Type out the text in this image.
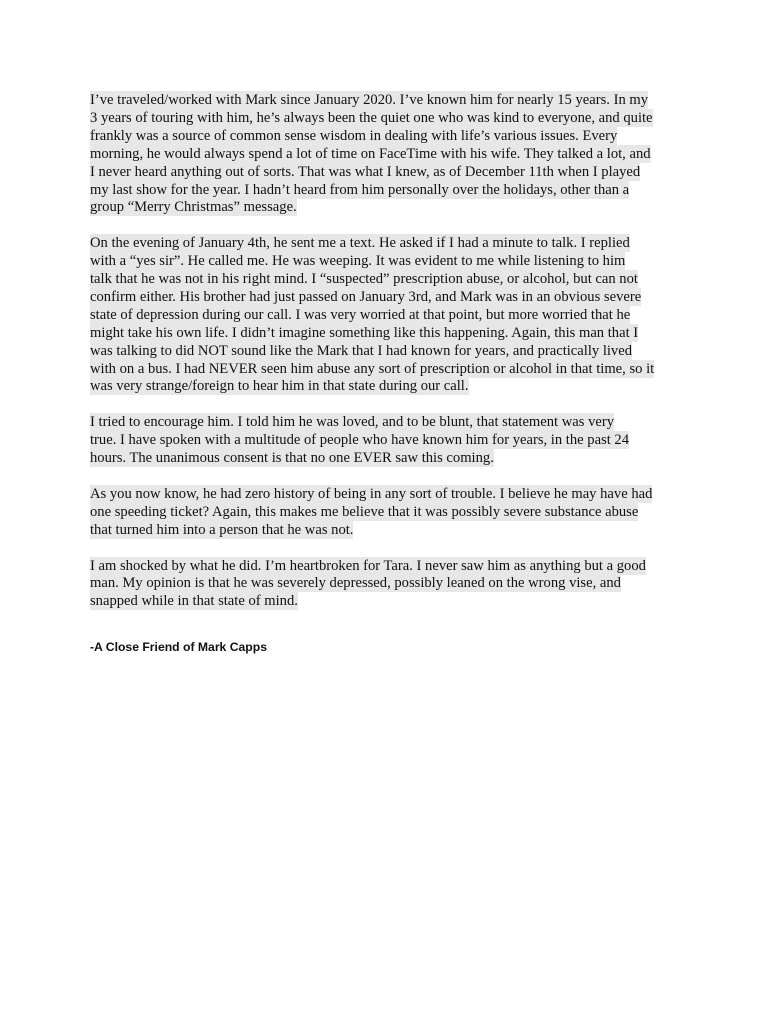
I’ve traveled/worked with Mark since January 2020. I’ve known him for nearly 15 years. In my
3 years of touring with him, he’s always been the quiet one who was kind to everyone, and quite
frankly was a source of common sense wisdom in dealing with life’s various issues. Every
morning, he would always spend a lot of time on FaceTime with his wife. They talked a lot, and
I never heard anything out of sorts. That was what I knew, as of December 11th when I played
my last show for the year. I hadn’t heard from him personally over the holidays, other than a
group “Merry Christmas” message.

On the evening of January 4th, he sent me a text. He asked if I had a minute to talk. I replied
with a “yes sir”. He called me. He was weeping. It was evident to me while listening to him
talk that he was not in his right mind. I “suspected” prescription abuse, or alcohol, but can not
confirm either. His brother had just passed on January 3rd, and Mark was in an obvious severe
state of depression during our call. I was very worried at that point, but more worried that he
might take his own life. I didn’t imagine something like this happening. Again, this man that I
was talking to did NOT sound like the Mark that I had known for years, and practically lived
with on a bus. I had NEVER seen him abuse any sort of prescription or alcohol in that time, so it
was very strange/foreign to hear him in that state during our call.

I tried to encourage him. I told him he was loved, and to be blunt, that statement was very
true. I have spoken with a multitude of people who have known him for years, in the past 24
hours. The unanimous consent is that no one EVER saw this coming.

As you now know, he had zero history of being in any sort of trouble. I believe he may have had
one speeding ticket? Again, this makes me believe that it was possibly severe substance abuse
that turned him into a person that he was not.

I am shocked by what he did. I’m heartbroken for Tara. I never saw him as anything but a good
man. My opinion is that he was severely depressed, possibly leaned on the wrong vise, and
snapped while in that state of mind.

-A Close Friend of Mark Capps
